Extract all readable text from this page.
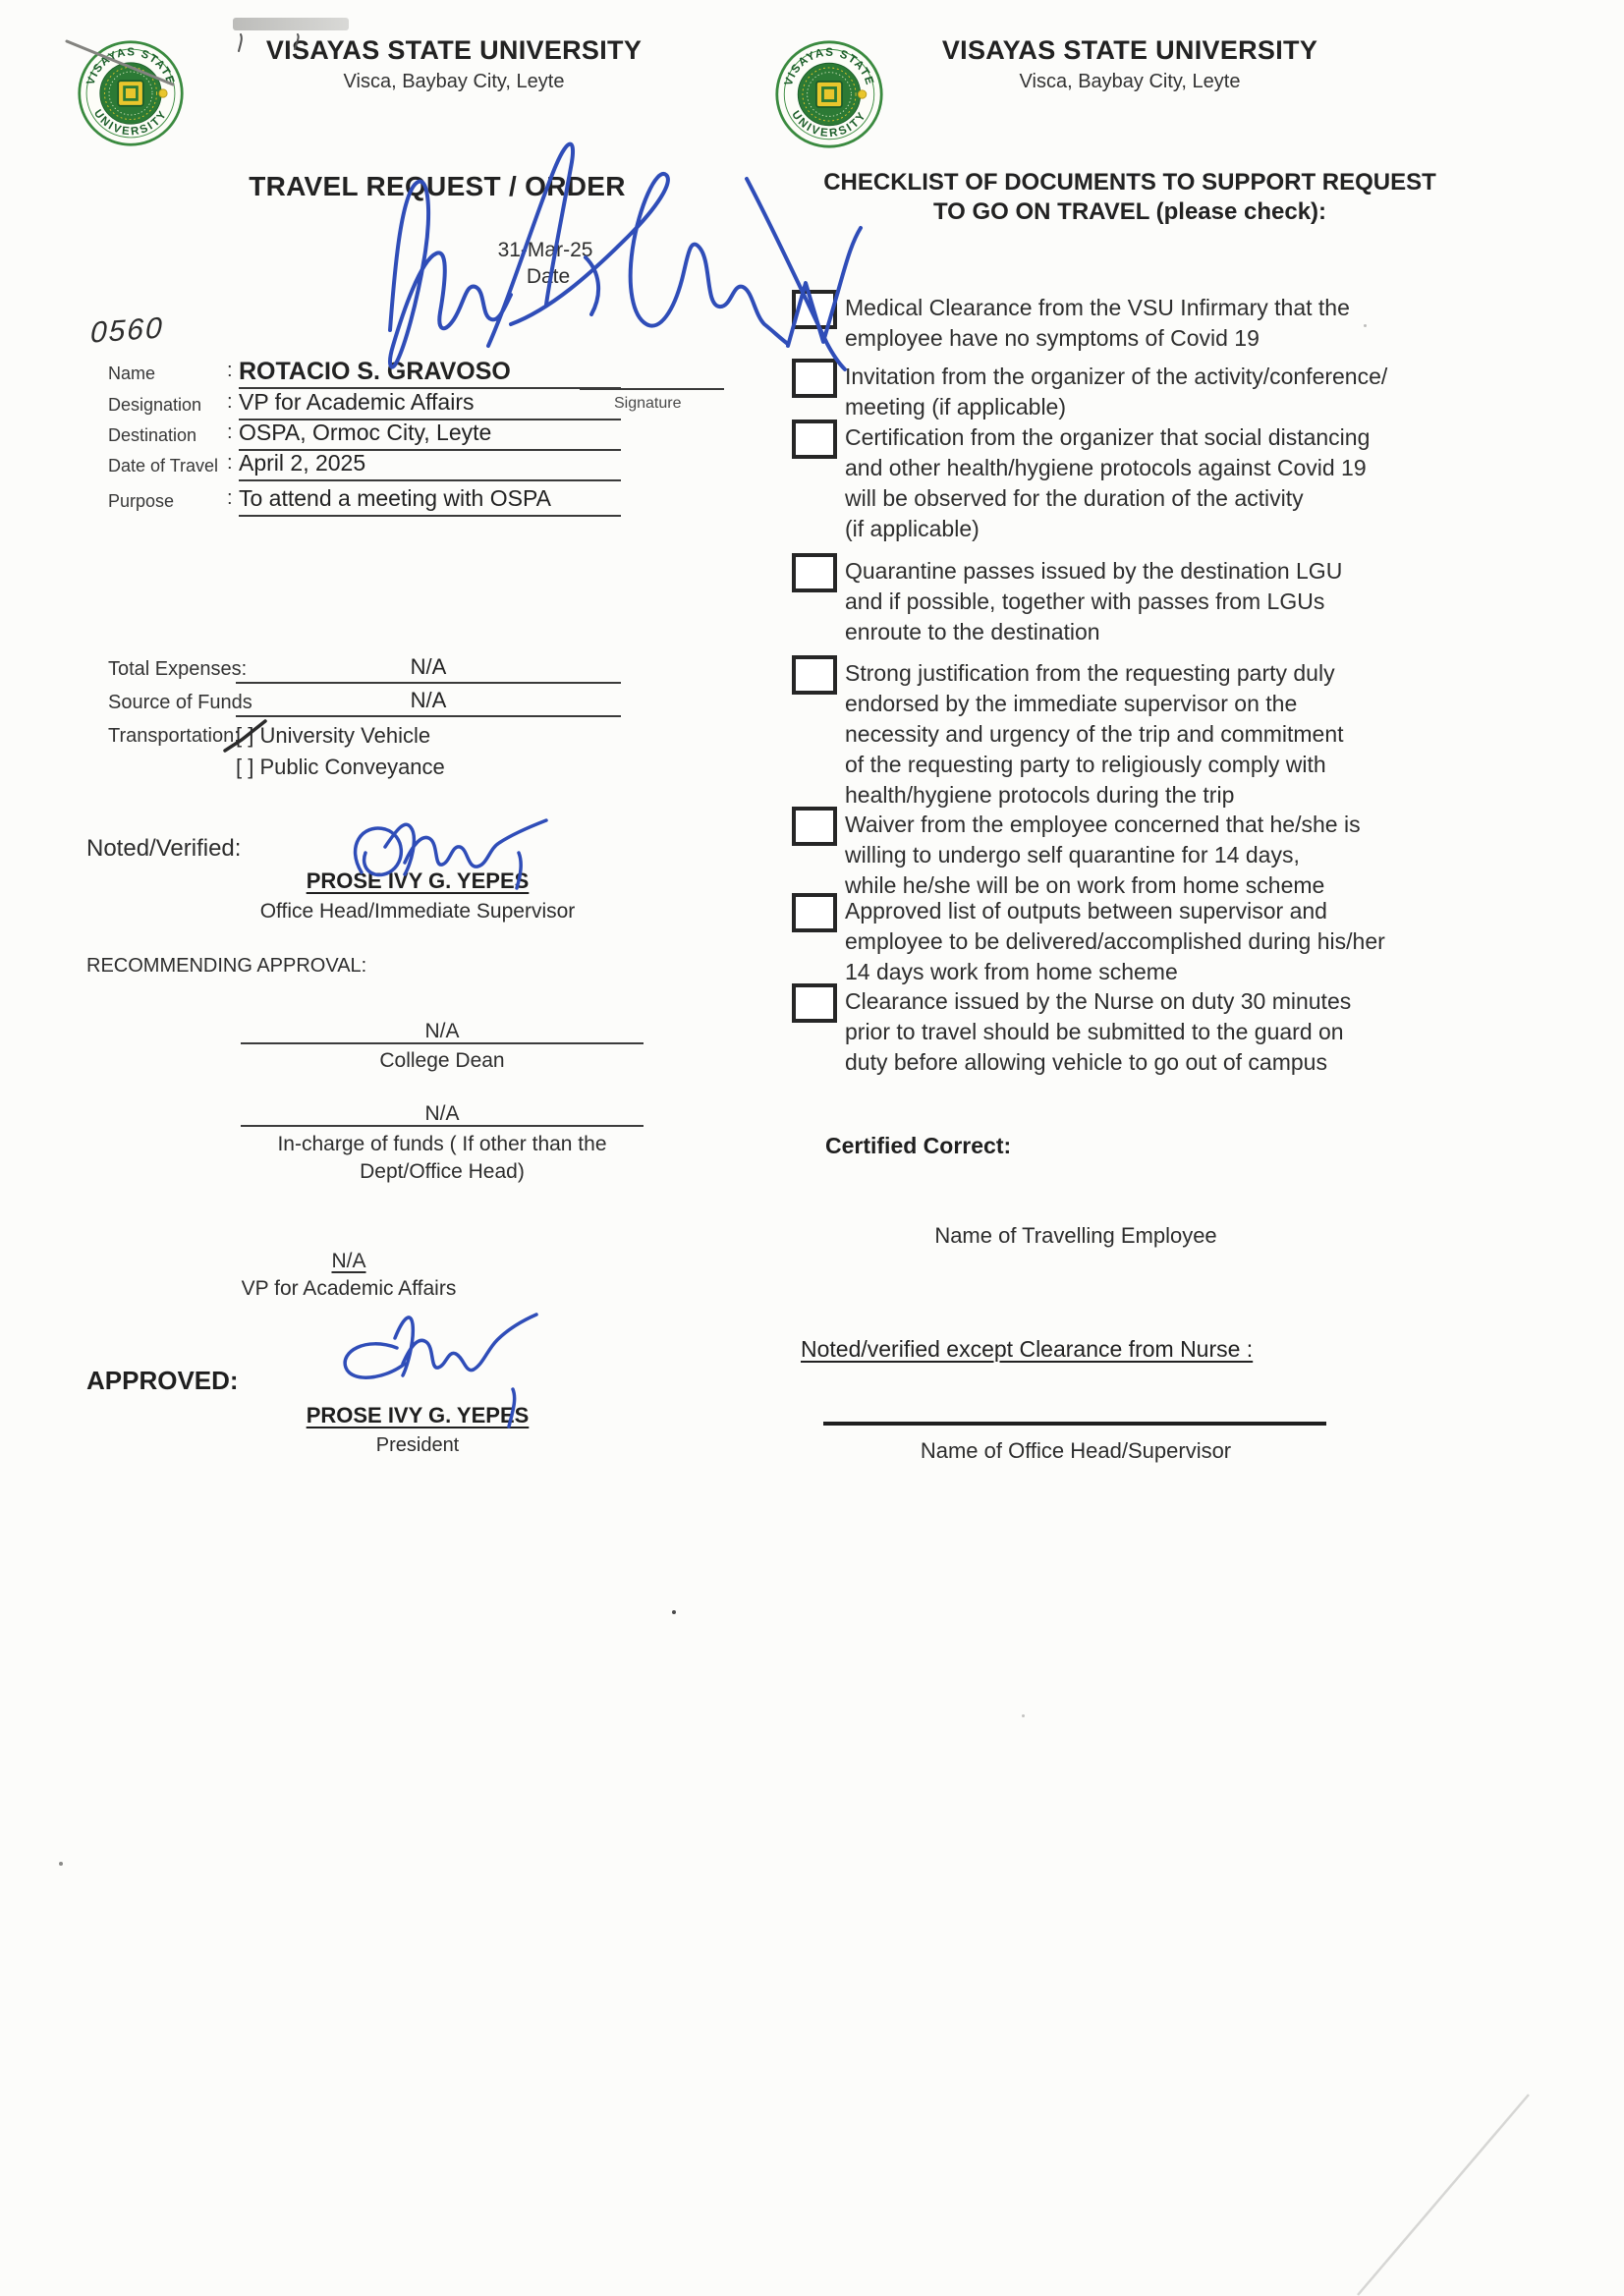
VISAYAS STATE UNIVERSITY
Visca, Baybay City, Leyte
TRAVEL REQUEST / ORDER
31-Mar-25
Date
0560
Signature
Name	: ROTACIO S. GRAVOSO
Designation : VP for Academic Affairs
Destination : OSPA, Ormoc City, Leyte
Date of Travel : April 2, 2025
Purpose	: To attend a meeting with OSPA
Total Expenses:	N/A
Source of Funds	N/A
[ ] University Vehicle
[ ] Public Conveyance
Medical Clearance from the VSU Infirmary that the
employee have no symptoms of Covid 19
Invitation from the organizer of the activity/conference/
meeting (if applicable)
Certification from the organizer that social distancing
and other health/hygiene protocols against Covid 19
will be observed for the duration of the activity
(if applicable)
Quarantine passes issued by the destination LGU
and if possible, together with passes from LGUs
enroute to the destination
Strong justification from the requesting party duly
endorsed by the immediate supervisor on the
necessity and urgency of the trip and commitment
of the requesting party to religiously comply with
health/hygiene protocols during the trip
Waiver from the employee concerned that he/she is
willing to undergo self quarantine for 14 days,
while he/she will be on work from home scheme
Approved list of outputs between supervisor and
employee to be delivered/accomplished during his/her
14 days work from home scheme
Clearance issued by the Nurse on duty 30 minutes
prior to travel should be submitted to the guard on
duty before allowing vehicle to go out of campus
Transportation:
Noted/Verified:
PROSE IVY G. YEPES
Office Head/Immediate Supervisor
RECOMMENDING APPROVAL:
N/A
College Dean
N/A
In-charge of funds ( If other than the
Dept/Office Head)
N/A
VP for Academic Affairs
APPROVED:
PROSE IVY G. YEPES
President
VISAYAS STATE UNIVERSITY
Visca, Baybay City, Leyte
CHECKLIST OF DOCUMENTS TO SUPPORT REQUEST
TO GO ON TRAVEL (please check):
Certified Correct:
Name of Travelling Employee
Noted/verified except Clearance from Nurse :
Name of Office Head/Supervisor
